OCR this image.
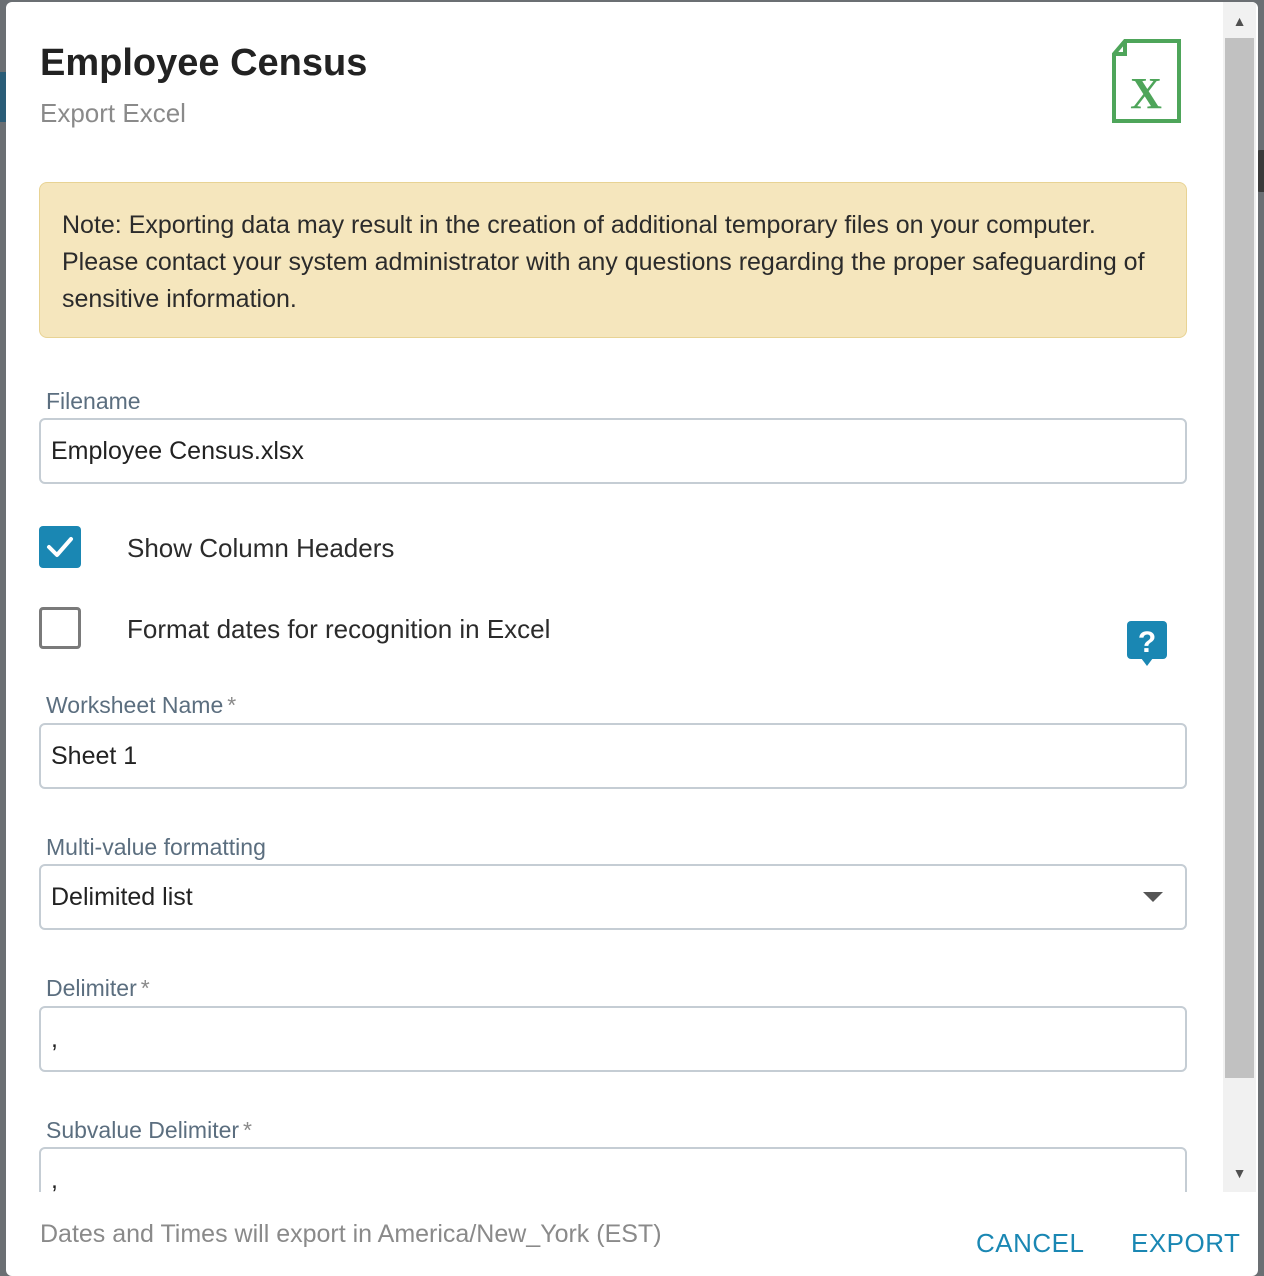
Employee Census
Export Excel	X
Note: Exporting data may result in the creation of additional temporary files on your computer. Please contact your system administrator with any questions regarding the proper safeguarding of sensitive information.
Filename
Employee Census.xlsx
Show Column Headers
Format dates for recognition in Excel	?
Worksheet Name *
Sheet 1
Multi-value formatting
Delimited list
Delimiter *
,
Subvalue Delimiter *
,
▲
▼
Dates and Times will export in America/New_York (EST)	CANCEL EXPORT
